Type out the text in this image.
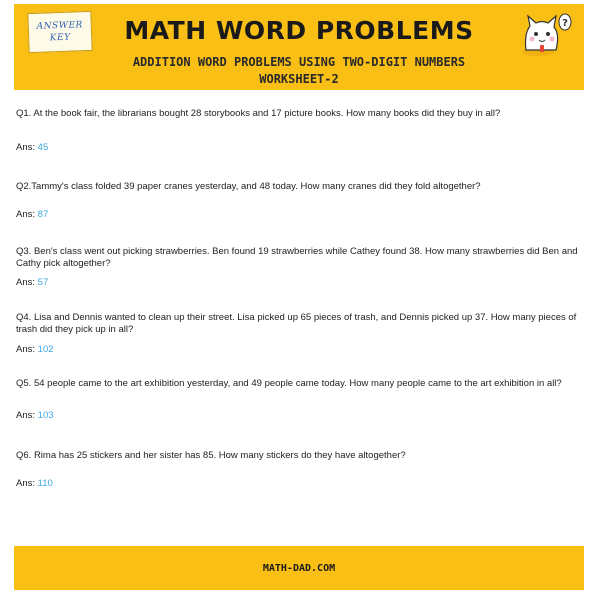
ANSWER
KEY	MATH WORD PROBLEMS
ADDITION WORD PROBLEMS USING TWO-DIGIT NUMBERS
WORKSHEET-2
?
Q1. At the book fair, the librarians bought 28 storybooks and 17 picture books. How many books did they buy in all?
Ans: 45
Q2.Tammy's class folded 39 paper cranes yesterday, and 48 today. How many cranes did they fold altogether?
Ans: 87
Q3. Ben's class went out picking strawberries. Ben found 19 strawberries while Cathey found 38. How many strawberries did Ben and Cathy pick altogether?
Ans: 57
Q4. Lisa and Dennis wanted to clean up their street. Lisa picked up 65 pieces of trash, and Dennis picked up 37. How many pieces of trash did they pick up in all?
Ans: 102
Q5. 54 people came to the art exhibition yesterday, and 49 people came today. How many people came to the art exhibition in all?
Ans: 103
Q6. Rima has 25 stickers and her sister has 85. How many stickers do they have altogether?
Ans: 110
MATH-DAD.COM
